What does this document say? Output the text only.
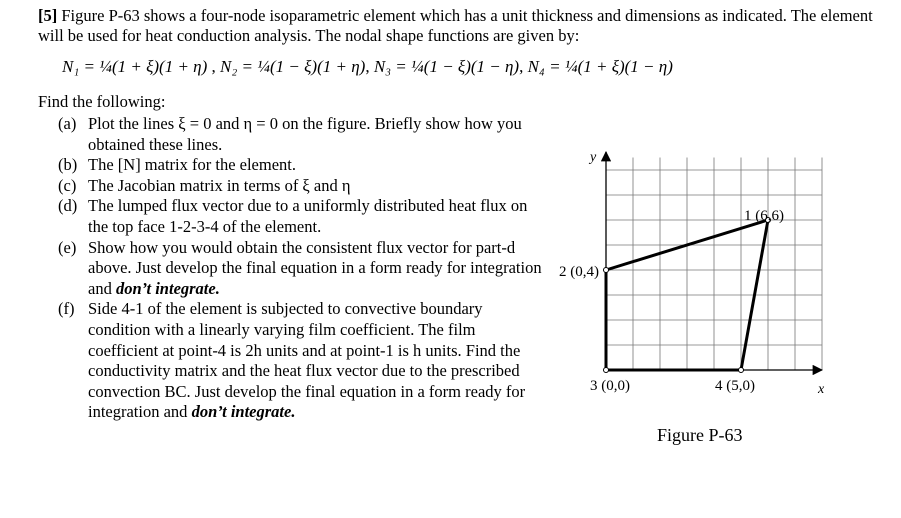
[5] Figure P-63 shows a four-node isoparametric element which has a unit thickness and dimensions as indicated. The element will be used for heat conduction analysis. The nodal shape functions are given by:
N₁ = ¼(1 + ξ)(1 + η) , N₂ = ¼(1 − ξ)(1 + η), N₃ = ¼(1 − ξ)(1 − η), N₄ = ¼(1 + ξ)(1 − η)
Find the following:
(a) Plot the lines ξ = 0 and η = 0 on the figure. Briefly show how you obtained these lines.
(b) The [N] matrix for the element.
(c) The Jacobian matrix in terms of ξ and η
(d) The lumped flux vector due to a uniformly distributed heat flux on the top face 1-2-3-4 of the element.
(e) Show how you would obtain the consistent flux vector for part-d above. Just develop the final equation in a form ready for integration and don’t integrate.
(f) Side 4-1 of the element is subjected to convective boundary condition with a linearly varying film coefficient. The film coefficient at point-4 is 2h units and at point-1 is h units. Find the conductivity matrix and the heat flux vector due to the prescribed convection BC. Just develop the final equation in a form ready for integration and don’t integrate.
y
x
1 (6,6)
2 (0,4)
3 (0,0)	4 (5,0)
Figure P-63
